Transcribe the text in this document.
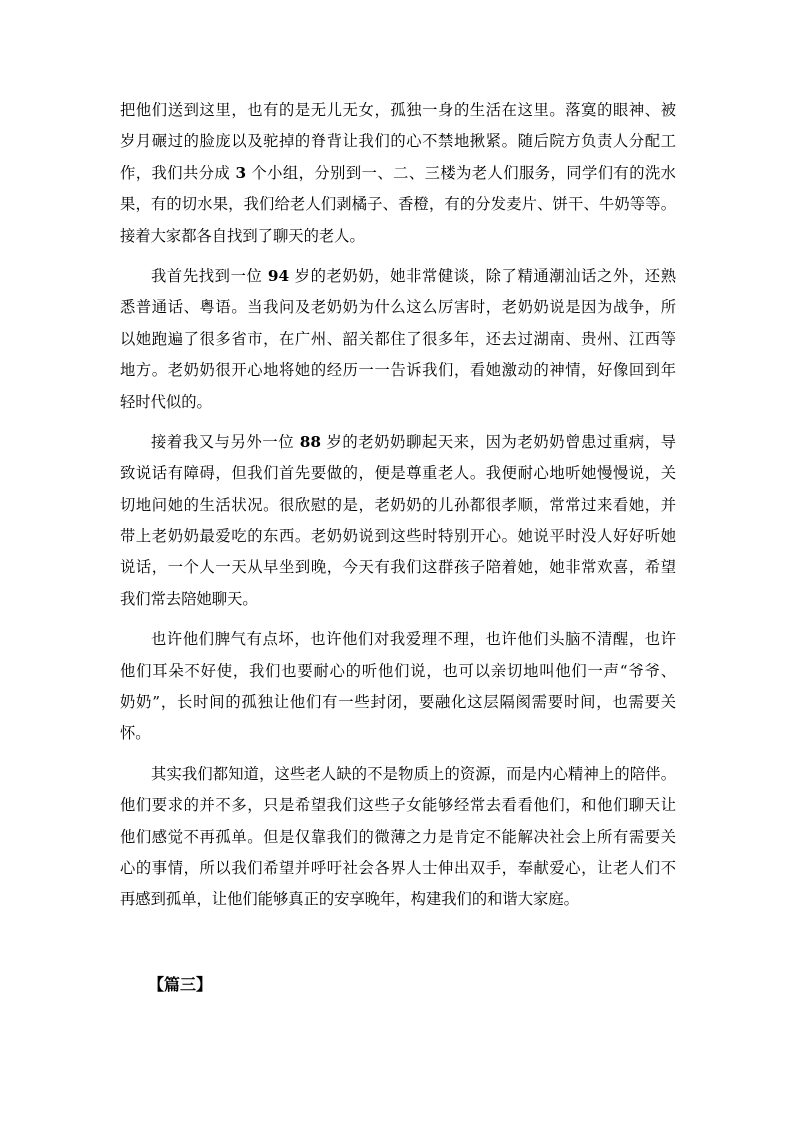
把他们送到这里，也有的是无儿无女，孤独一身的生活在这里。落寞的眼神、被
岁月碾过的脸庞以及驼掉的脊背让我们的心不禁地揪紧。随后院方负责人分配工
作，我们共分成 3 个小组，分别到一、二、三楼为老人们服务，同学们有的洗水
果，有的切水果，我们给老人们剥橘子、香橙，有的分发麦片、饼干、牛奶等等。
接着大家都各自找到了聊天的老人。
我首先找到一位 94 岁的老奶奶，她非常健谈，除了精通潮汕话之外，还熟
悉普通话、粤语。当我问及老奶奶为什么这么厉害时，老奶奶说是因为战争，所
以她跑遍了很多省市，在广州、韶关都住了很多年，还去过湖南、贵州、江西等
地方。老奶奶很开心地将她的经历一一告诉我们，看她激动的神情，好像回到年
轻时代似的。
接着我又与另外一位 88 岁的老奶奶聊起天来，因为老奶奶曾患过重病，导
致说话有障碍，但我们首先要做的，便是尊重老人。我便耐心地听她慢慢说，关
切地问她的生活状况。很欣慰的是，老奶奶的儿孙都很孝顺，常常过来看她，并
带上老奶奶最爱吃的东西。老奶奶说到这些时特别开心。她说平时没人好好听她
说话，一个人一天从早坐到晚，今天有我们这群孩子陪着她，她非常欢喜，希望
我们常去陪她聊天。
也许他们脾气有点坏，也许他们对我爱理不理，也许他们头脑不清醒，也许
他们耳朵不好使，我们也要耐心的听他们说，也可以亲切地叫他们一声“爷爷、
奶奶”，长时间的孤独让他们有一些封闭，要融化这层隔阂需要时间，也需要关
怀。
其实我们都知道，这些老人缺的不是物质上的资源，而是内心精神上的陪伴。
他们要求的并不多，只是希望我们这些子女能够经常去看看他们，和他们聊天让
他们感觉不再孤单。但是仅靠我们的微薄之力是肯定不能解决社会上所有需要关
心的事情，所以我们希望并呼吁社会各界人士伸出双手，奉献爱心，让老人们不
再感到孤单，让他们能够真正的安享晚年，构建我们的和谐大家庭。
【篇三】
